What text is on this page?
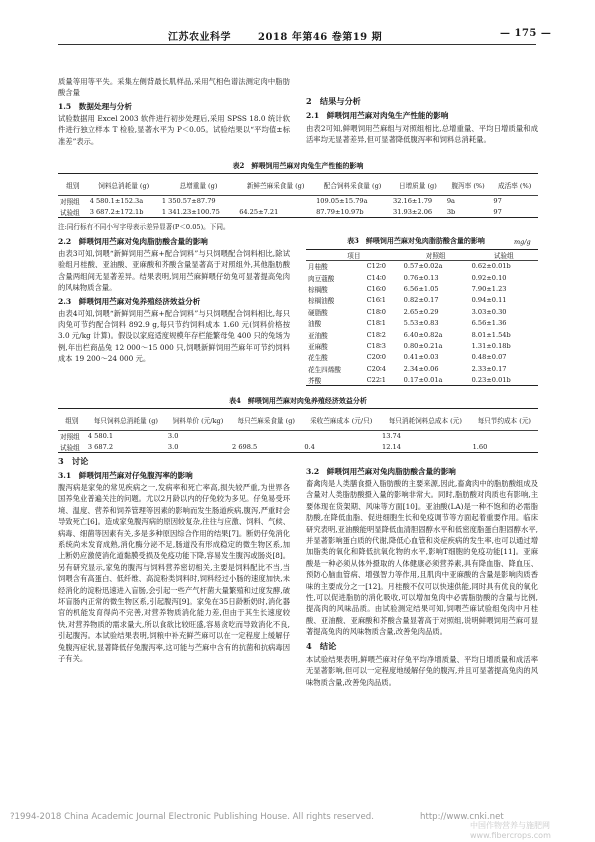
江苏农业科学	2018 年第46 卷第19 期	— 175 —

质量等用等平失。采集左侧背最长肌样品,采用气相色谱法测定肉中脂肪酸含量

1.5　数据处理与分析

试验数据用 Excel 2003 软件进行初步处理后,采用 SPSS 18.0 统计软件进行独立样本 T 检验,显著水平为 P＜0.05。试验结果以“平均值±标准差”表示。

2　结果与分析
2.1　鲜喂饲用苎麻对肉兔生产性能的影响

由表2可知,鲜喂饲用苎麻组与对照组相比,总增重量、平均日增质量和成活率均无显著差异,但可显著降低腹泻率和饲料总消耗量。

表2　鲜喂饲用苎麻对肉兔生产性能的影响
组别	饲料总消耗量 (g)	总增重量 (g)	新鲜苎麻采食量 (g)	配合饲料采食量 (g)	日增质量 (g)	腹泻率 (%)	成活率 (%)
对照组	4 580.1±152.3a	1 350.57±87.79		109.05±15.79a	32.16±1.79	9a	97
试验组	3 687.2±172.1b	1 341.23±100.75	64.25±7.21	87.79±10.97b	31.93±2.06	3b	97
注:同行标有不同小写字母表示差异显著(P＜0.05)。下同。
2.2　鲜喂饲用苎麻对兔肉脂肪酸含量的影响

由表3可知,饲喂“新鲜饲用苎麻+配合饲料”与只饲喂配合饲料相比,除试验组月桂酸、亚油酸、亚麻酸和芥酸含量显著高于对照组外,其他脂肪酸含量两组间无显著差异。结果表明,饲用苎麻鲜喂仔幼兔可显著提高兔肉的风味物质含量。

2.3　鲜喂饲用苎麻对兔养殖经济效益分析

由表4可知,饲喂“新鲜饲用苎麻+配合饲料”与只饲喂配合饲料相比,每只肉兔可节约配合饲料 892.9 g,每只节约饲料成本 1.60 元(饲料价格按 3.0 元/kg 计算)。假设以家庭适度规模年存栏能繁母兔 400 只的兔场为例,年出栏商品兔 12 000～15 000 只,饲喂新鲜饲用苎麻年可节约饲料成本 19 200～24 000 元。

表3　鲜喂饲用苎麻对兔肉脂肪酸含量的影响	mg/g
项目		对照组	试验组
月桂酸	C12∶0	0.57±0.02a	0.62±0.01b
肉豆蔻酸	C14∶0	0.76±0.13	0.92±0.10
棕榈酸	C16∶0	6.56±1.05	7.90±1.23
棕榈油酸	C16∶1	0.82±0.17	0.94±0.11
硬脂酸	C18∶0	2.65±0.29	3.03±0.30
油酸	C18∶1	5.53±0.83	6.56±1.36
亚油酸	C18∶2	6.40±0.82a	8.01±1.54b
亚麻酸	C18∶3	0.80±0.21a	1.31±0.18b
花生酸	C20∶0	0.41±0.03	0.48±0.07
花生四烯酸	C20∶4	2.34±0.06	2.33±0.17
芥酸	C22∶1	0.17±0.01a	0.23±0.01b
表4　鲜喂饲用苎麻对肉兔养殖经济效益分析
组别	每只饲料总消耗量 (g)	饲料单价 (元/kg)	每只苎麻采食量 (g)	采收苎麻成本 (元/只)	每只消耗饲料总成本 (元)	每只节约成本 (元)
对照组	4 580.1	3.0			13.74	
试验组	3 687.2	3.0	2 698.5	0.4	12.14	1.60
3　讨论
3.1　鲜喂饲用苎麻对仔兔腹泻率的影响

腹泻病是家兔的常见疾病之一,发病率和死亡率高,损失较严重,为世界各国养兔业普遍关注的问题。尤以2月龄以内的仔兔较为多见。仔兔易受环境、温度、营养和饲养管理等因素的影响而发生肠道疾病,腹泻,严重时会导致死亡[6]。造成家兔腹泻病的原因较复杂,往往与应激、饲料、气候、病毒、细菌等因素有关,多是多种原因综合作用的结果[7]。断奶仔兔消化系统尚未发育成熟,消化酶分泌不足,肠道没有形成稳定的微生物区系,加上断奶应激使消化道黏膜受损及免疫功能下降,容易发生腹泻或肠炎[8]。另有研究显示,家兔的腹泻与饲料营养密切相关,主要是饲料配比不当,当饲喂含有高蛋白、低纤维、高淀粉类饲料时,饲料经过小肠的速度加快,未经消化的淀粉迅速进入盲肠,会引起一些产气杆菌大量繁殖和过度发酵,破坏盲肠内正常的微生物区系,引起腹泻[9]。家兔在35日龄断奶时,消化器官的机能发育得尚不完善,对营养物质消化能力差,但由于其生长速度较快,对营养物质的需求量大,所以食欲比较旺盛,容易贪吃而导致消化不良,引起腹泻。本试验结果表明,饲粮中补充鲜苎麻可以在一定程度上缓解仔兔腹泻症状,显著降低仔兔腹泻率,这可能与苎麻中含有的抗菌和抗病毒因子有关。

3.2　鲜喂饲用苎麻对兔肉脂肪酸含量的影响

畜禽肉是人类膳食摄入脂肪酸的主要来源,因此,畜禽肉中的脂肪酸组成及含量对人类脂肪酸摄入量的影响非常大。同时,脂肪酸对肉质也有影响,主要体现在货架期、风味等方面[10]。亚油酸(LA)是一种不饱和的必需脂肪酸,在降低血脂、促进细胞生长和免疫调节等方面起着重要作用。临床研究表明,亚油酸能明显降低血清胆固醇水平和低密度脂蛋白胆固醇水平,并显著影响蛋白质的代谢,降低心血管和炎症疾病的发生率,也可以通过增加脂类的氧化和降低抗氧化物的水平,影响T细胞的免疫功能[11]。亚麻酸是一种必须从体外摄取的人体健康必须营养素,具有降血脂、降血压、预防心脑血管病、增强智力等作用,且肌肉中亚麻酸的含量是影响肉质香味的主要成分之一[12]。月桂酸不仅可以快速供能,同时具有优良的氧化性,可以促进脂肪的消化吸收,可以增加兔肉中必需脂肪酸的含量与比例,提高肉的风味品质。由试验测定结果可知,饲喂苎麻试验组兔肉中月桂酸、亚油酸、亚麻酸和芥酸含量显著高于对照组,说明鲜喂饲用苎麻可显著提高兔肉的风味物质含量,改善兔肉品质。

4　结论

本试验结果表明,鲜喂苎麻对仔兔平均净增质量、平均日增质量和成活率无显著影响,但可以一定程度地缓解仔兔的腹泻,并且可显著提高兔肉的风味物质含量,改善兔肉品质。

?1994-2018 China Academic Journal Electronic Publishing House. All rights reserved.	http://www.cnki.net
中国作物营养与施肥网 www.fibercrops.com
